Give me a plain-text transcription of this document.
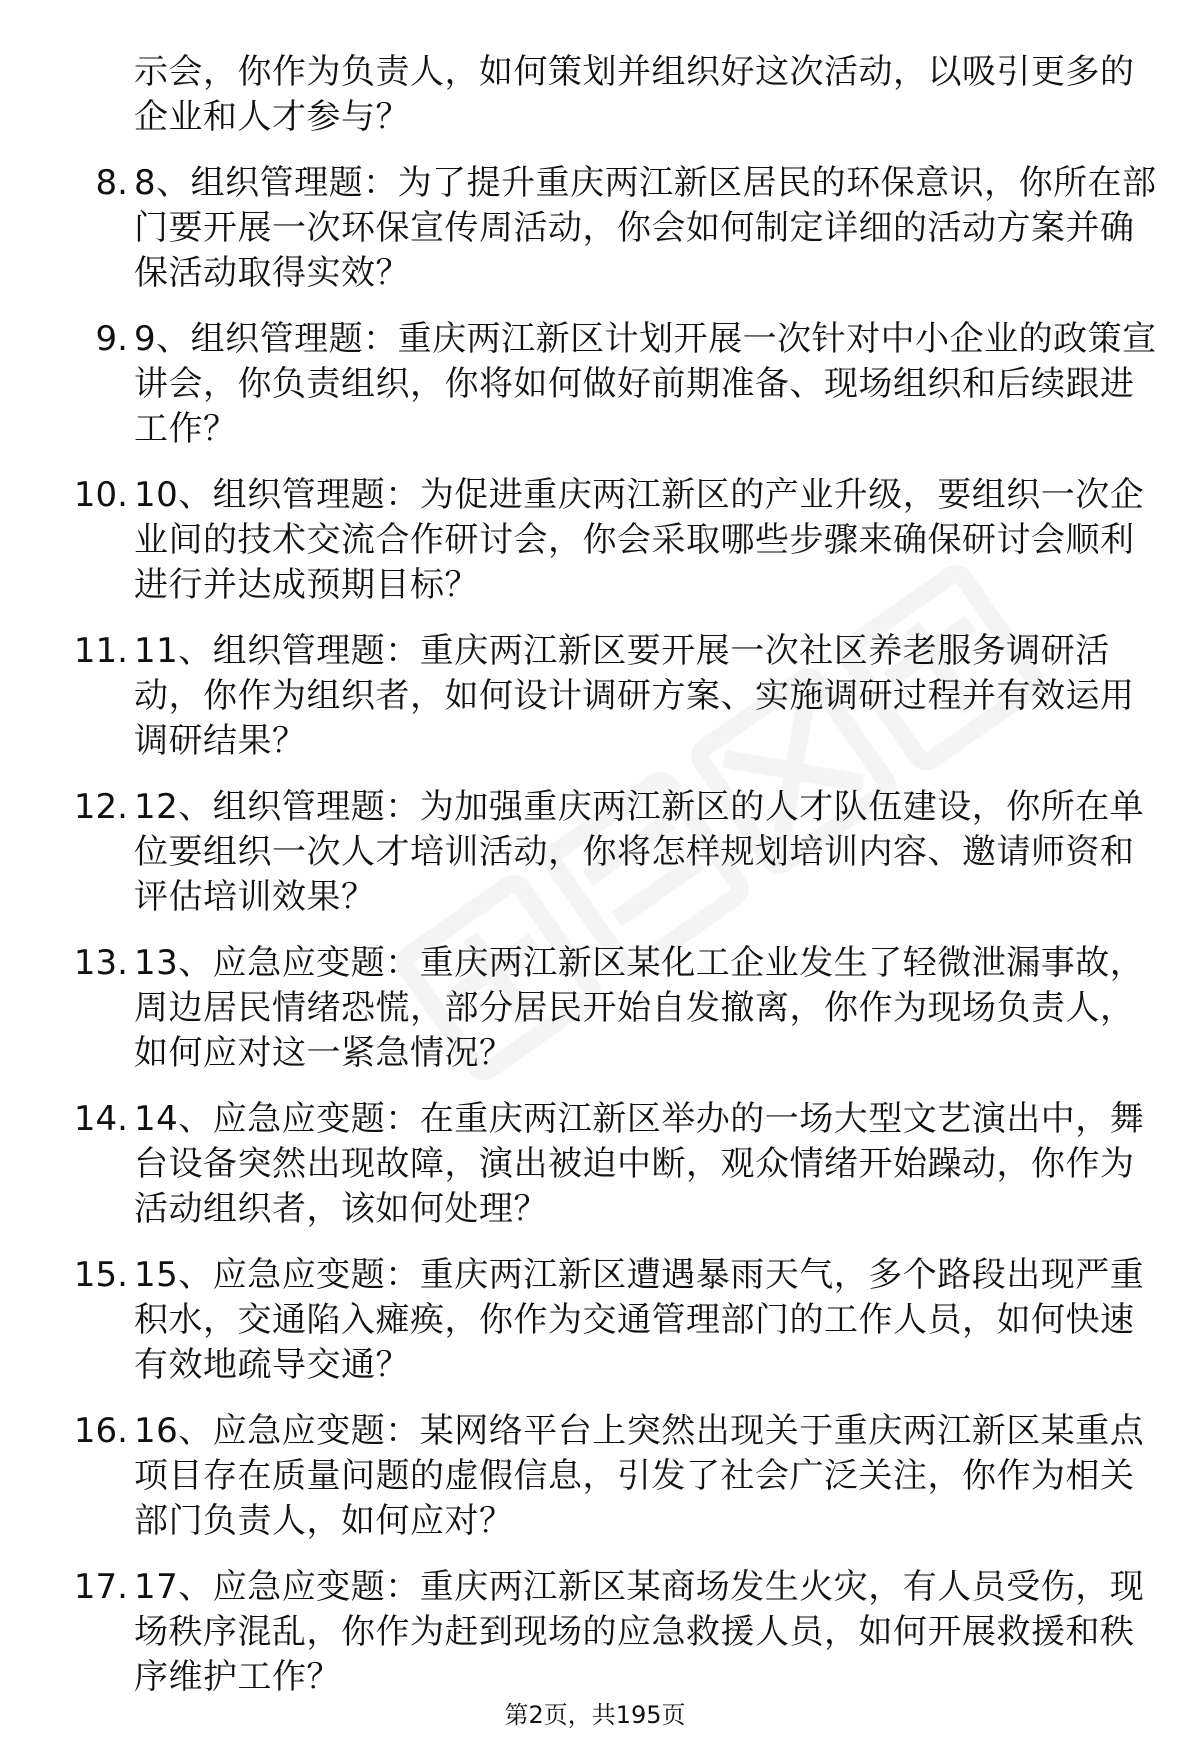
示会，你作为负责人，如何策划并组织好这次活动，以吸引更多的企业和人才参与？
8. 8、组织管理题：为了提升重庆两江新区居民的环保意识，你所在部门要开展一次环保宣传周活动，你会如何制定详细的活动方案并确保活动取得实效？
9. 9、组织管理题：重庆两江新区计划开展一次针对中小企业的政策宣讲会，你负责组织，你将如何做好前期准备、现场组织和后续跟进工作？
10. 10、组织管理题：为促进重庆两江新区的产业升级，要组织一次企业间的技术交流合作研讨会，你会采取哪些步骤来确保研讨会顺利进行并达成预期目标？
11. 11、组织管理题：重庆两江新区要开展一次社区养老服务调研活动，你作为组织者，如何设计调研方案、实施调研过程并有效运用调研结果？
12. 12、组织管理题：为加强重庆两江新区的人才队伍建设，你所在单位要组织一次人才培训活动，你将怎样规划培训内容、邀请师资和评估培训效果？
13. 13、应急应变题：重庆两江新区某化工企业发生了轻微泄漏事故，周边居民情绪恐慌，部分居民开始自发撤离，你作为现场负责人，如何应对这一紧急情况？
14. 14、应急应变题：在重庆两江新区举办的一场大型文艺演出中，舞台设备突然出现故障，演出被迫中断，观众情绪开始躁动，你作为活动组织者，该如何处理？
15. 15、应急应变题：重庆两江新区遭遇暴雨天气，多个路段出现严重积水，交通陷入瘫痪，你作为交通管理部门的工作人员，如何快速有效地疏导交通？
16. 16、应急应变题：某网络平台上突然出现关于重庆两江新区某重点项目存在质量问题的虚假信息，引发了社会广泛关注，你作为相关部门负责人，如何应对？
17. 17、应急应变题：重庆两江新区某商场发生火灾，有人员受伤，现场秩序混乱，你作为赶到现场的应急救援人员，如何开展救援和秩序维护工作？
第2页，共195页
